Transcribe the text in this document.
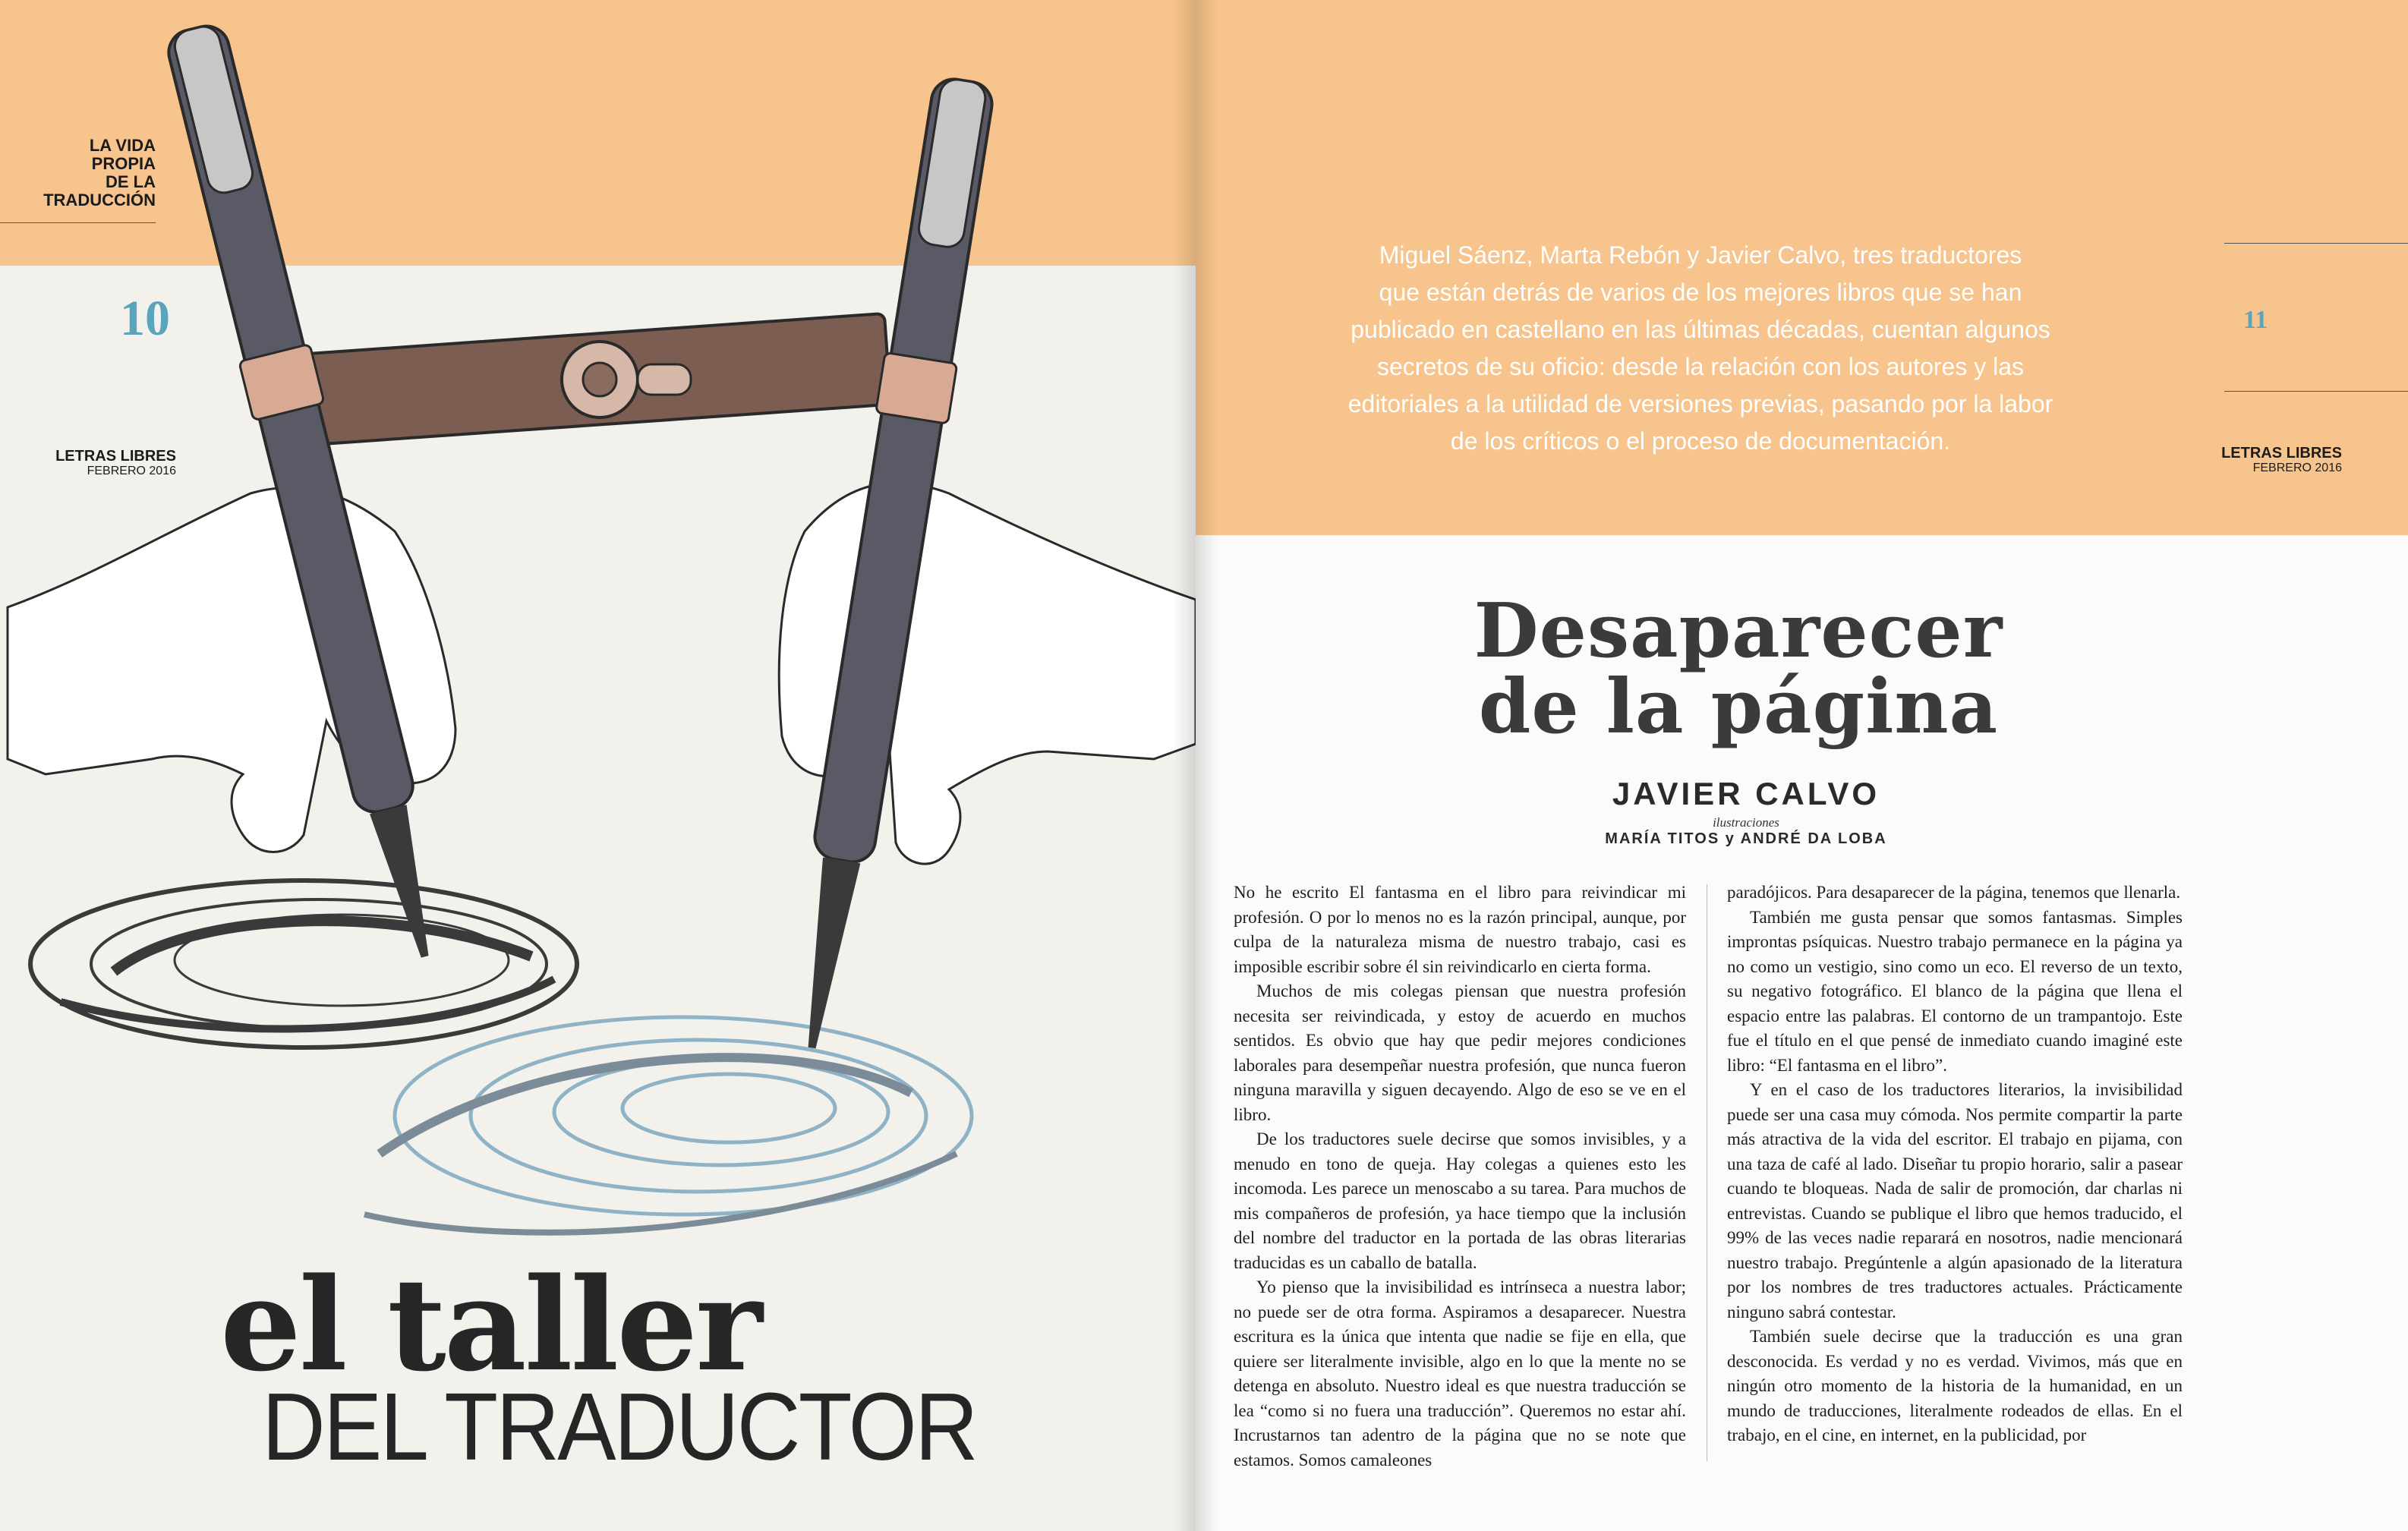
LA VIDA
PROPIA
DE LA
TRADUCCIÓN
10
LETRAS LIBRES
FEBRERO 2016
el taller
DEL TRADUCTOR
Miguel Sáenz, Marta Rebón y Javier Calvo, tres traductores
que están detrás de varios de los mejores libros que se han
publicado en castellano en las últimas décadas, cuentan algunos
secretos de su oficio: desde la relación con los autores y las
editoriales a la utilidad de versiones previas, pasando por la labor
de los críticos o el proceso de documentación.
11
LETRAS LIBRES
FEBRERO 2016
Desaparecer
de la página
JAVIER CALVO
ilustraciones
MARÍA TITOS y ANDRÉ DA LOBA

No he escrito El fantasma en el libro para reivindicar mi profesión. O por lo menos no es la razón principal, aunque, por culpa de la naturaleza misma de nuestro trabajo, casi es imposible escribir sobre él sin reivindicarlo en cierta forma.

Muchos de mis colegas piensan que nuestra profesión necesita ser reivindicada, y estoy de acuerdo en muchos sentidos. Es obvio que hay que pedir mejores condiciones laborales para desempeñar nuestra profesión, que nunca fueron ninguna maravilla y siguen decayendo. Algo de eso se ve en el libro.

De los traductores suele decirse que somos invisibles, y a menudo en tono de queja. Hay colegas a quienes esto les incomoda. Les parece un menoscabo a su tarea. Para muchos de mis compañeros de profesión, ya hace tiempo que la inclusión del nombre del traductor en la portada de las obras literarias traducidas es un caballo de batalla.

Yo pienso que la invisibilidad es intrínseca a nuestra labor; no puede ser de otra forma. Aspiramos a desaparecer. Nuestra escritura es la única que intenta que nadie se fije en ella, que quiere ser literalmente invisible, algo en lo que la mente no se detenga en absoluto. Nuestro ideal es que nuestra traducción se lea “como si no fuera una traducción”. Queremos no estar ahí. Incrustarnos tan adentro de la página que no se note que estamos. Somos camaleones

paradójicos. Para desaparecer de la página, tenemos que llenarla.

También me gusta pensar que somos fantasmas. Simples improntas psíquicas. Nuestro trabajo permanece en la página ya no como un vestigio, sino como un eco. El reverso de un texto, su negativo fotográfico. El blanco de la página que llena el espacio entre las palabras. El contorno de un trampantojo. Este fue el título en el que pensé de inmediato cuando imaginé este libro: “El fantasma en el libro”.

Y en el caso de los traductores literarios, la invisibilidad puede ser una casa muy cómoda. Nos permite compartir la parte más atractiva de la vida del escritor. El trabajo en pijama, con una taza de café al lado. Diseñar tu propio horario, salir a pasear cuando te bloqueas. Nada de salir de promoción, dar charlas ni entrevistas. Cuando se publique el libro que hemos traducido, el 99% de las veces nadie reparará en nosotros, nadie mencionará nuestro trabajo. Pregúntenle a algún apasionado de la literatura por los nombres de tres traductores actuales. Prácticamente ninguno sabrá contestar.

También suele decirse que la traducción es una gran desconocida. Es verdad y no es verdad. Vivimos, más que en ningún otro momento de la historia de la humanidad, en un mundo de traducciones, literalmente rodeados de ellas. En el trabajo, en el cine, en internet, en la publicidad, por
